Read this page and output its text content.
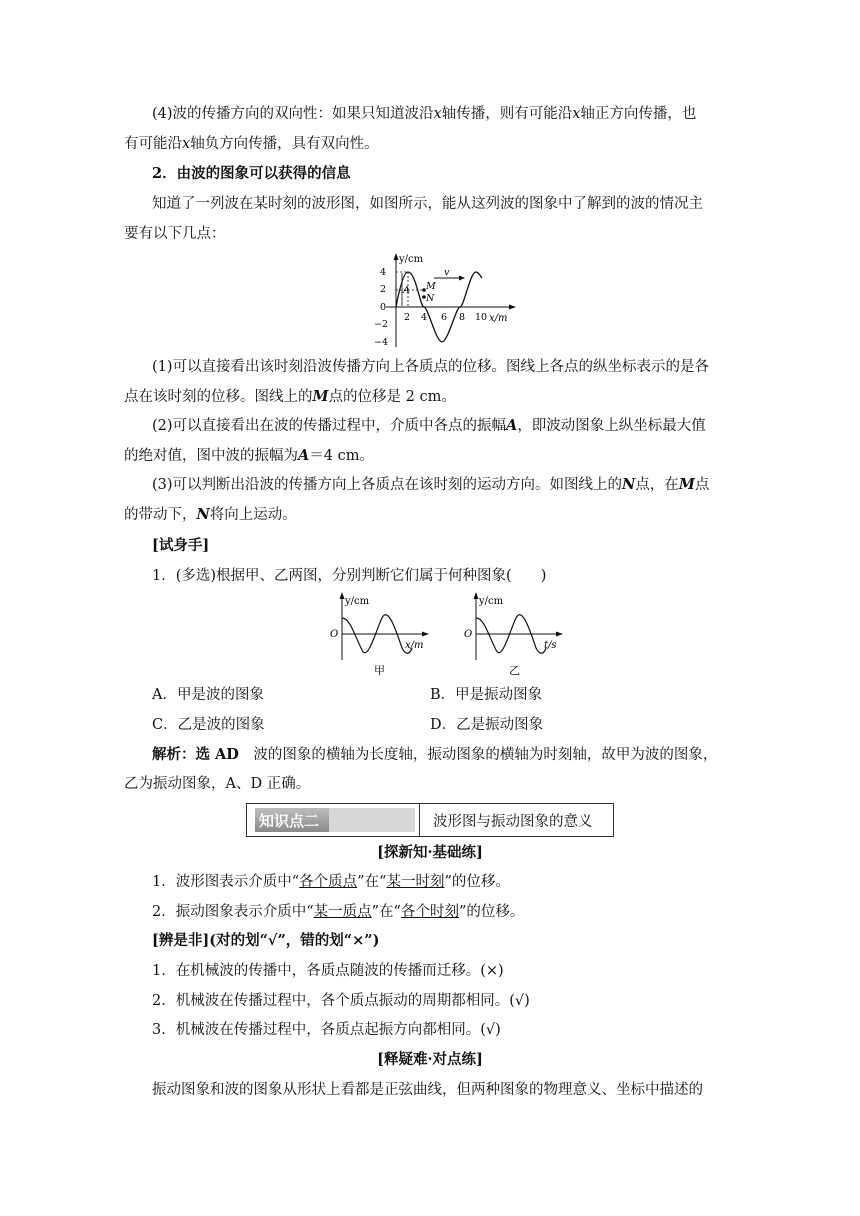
(4)波的传播方向的双向性：如果只知道波沿x轴传播，则有可能沿x轴正方向传播，也
有可能沿x轴负方向传播，具有双向性。
2．由波的图象可以获得的信息
知道了一列波在某时刻的波形图，如图所示，能从这列波的图象中了解到的波的情况主
要有以下几点：
y/cm
x/m
4
2
0
−2
−4
2 4 6 8 10
A M
N
v
(1)可以直接看出该时刻沿波传播方向上各质点的位移。图线上各点的纵坐标表示的是各
点在该时刻的位移。图线上的M点的位移是 2 cm。
(2)可以直接看出在波的传播过程中，介质中各点的振幅A，即波动图象上纵坐标最大值
的绝对值，图中波的振幅为A＝4 cm。
(3)可以判断出沿波的传播方向上各质点在该时刻的运动方向。如图线上的N点，在M点
的带动下，N将向上运动。
[试身手]
1．(多选)根据甲、乙两图，分别判断它们属于何种图象(　　)
y/cm
x/m
O
甲
y/cm
t/s
O
乙
A．甲是波的图象	B．甲是振动图象
C．乙是波的图象	D．乙是振动图象
解析：选 AD　波的图象的横轴为长度轴，振动图象的横轴为时刻轴，故甲为波的图象，
乙为振动图象，A、D 正确。
知识点二	波形图与振动图象的意义
[探新知·基础练]
1．波形图表示介质中“各个质点”在“某一时刻”的位移。
2．振动图象表示介质中“某一质点”在“各个时刻”的位移。
[辨是非](对的划“√”，错的划“×”)
1．在机械波的传播中，各质点随波的传播而迁移。(×)
2．机械波在传播过程中，各个质点振动的周期都相同。(√)
3．机械波在传播过程中，各质点起振方向都相同。(√)
[释疑难·对点练]
振动图象和波的图象从形状上看都是正弦曲线，但两种图象的物理意义、坐标中描述的
